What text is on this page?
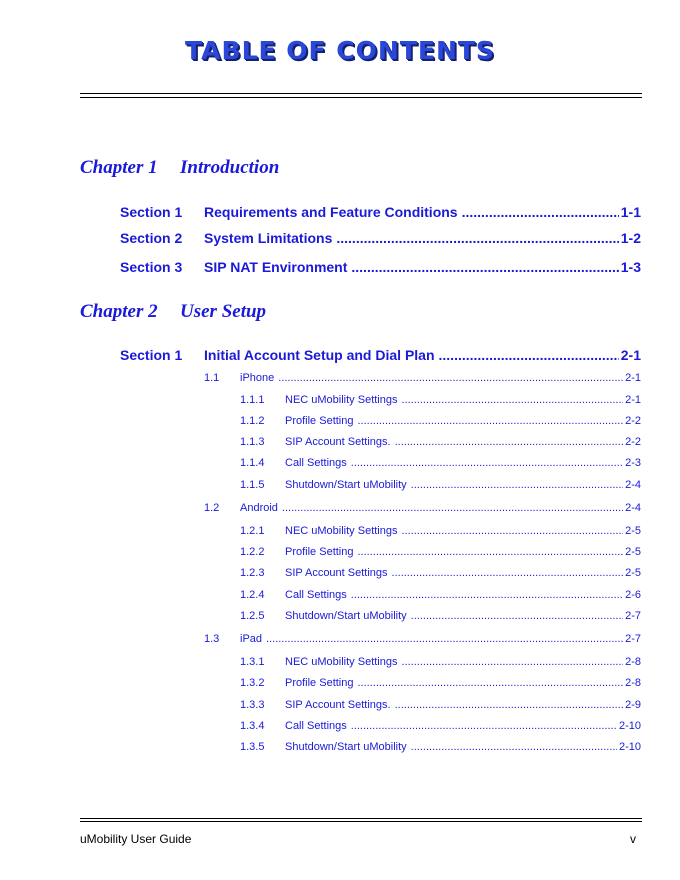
TABLE OF CONTENTS
Chapter 1 Introduction
Section 1 Requirements and Feature Conditions .....	1-1
Section 2 System Limitations .....	1-2
Section 3 SIP NAT Environment .....	1-3
Chapter 2 User Setup
Section 1 Initial Account Setup and Dial Plan .....	2-1
1.1 iPhone .....	2-1
1.1.1 NEC uMobility Settings .....	2-1
1.1.2 Profile Setting .....	2-2
1.1.3 SIP Account Settings. .....	2-2
1.1.4 Call Settings .....	2-3
1.1.5 Shutdown/Start uMobility .....	2-4
1.2 Android .....	2-4
1.2.1 NEC uMobility Settings .....	2-5
1.2.2 Profile Setting .....	2-5
1.2.3 SIP Account Settings .....	2-5
1.2.4 Call Settings .....	2-6
1.2.5 Shutdown/Start uMobility .....	2-7
1.3 iPad .....	2-7
1.3.1 NEC uMobility Settings .....	2-8
1.3.2 Profile Setting .....	2-8
1.3.3 SIP Account Settings. .....	2-9
1.3.4 Call Settings .....	2-10
1.3.5 Shutdown/Start uMobility .....	2-10
uMobility User Guide	v
